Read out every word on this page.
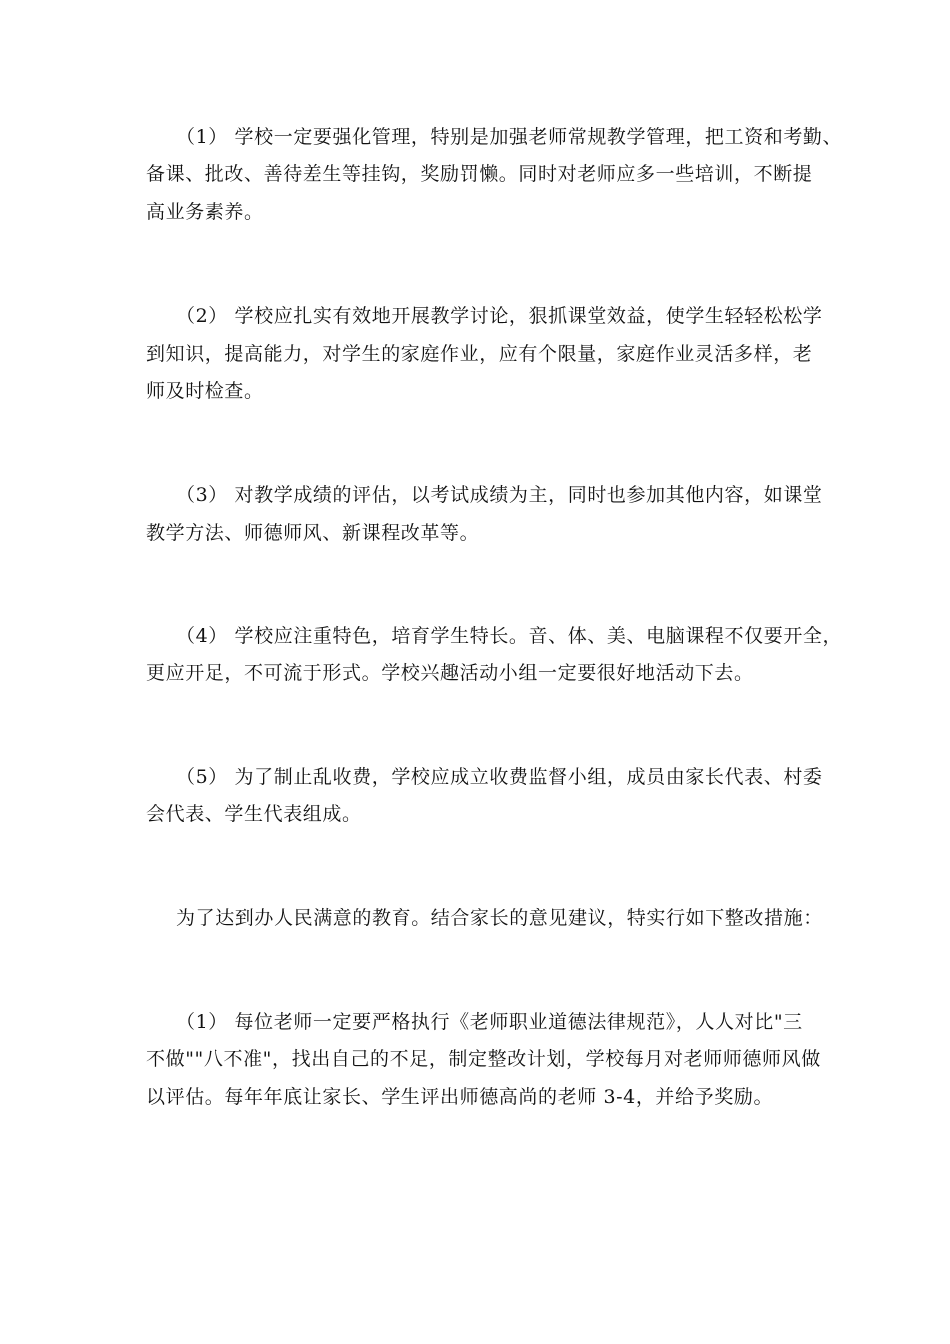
（1） 学校一定要强化管理，特别是加强老师常规教学管理，把工资和考勤、
备课、批改、善待差生等挂钩，奖励罚懒。同时对老师应多一些培训，不断提
高业务素养。
（2） 学校应扎实有效地开展教学讨论，狠抓课堂效益，使学生轻轻松松学
到知识，提高能力，对学生的家庭作业，应有个限量，家庭作业灵活多样，老
师及时检查。
（3） 对教学成绩的评估，以考试成绩为主，同时也参加其他内容，如课堂
教学方法、师德师风、新课程改革等。
（4） 学校应注重特色，培育学生特长。音、体、美、电脑课程不仅要开全，
更应开足，不可流于形式。学校兴趣活动小组一定要很好地活动下去。
（5） 为了制止乱收费，学校应成立收费监督小组，成员由家长代表、村委
会代表、学生代表组成。
为了达到办人民满意的教育。结合家长的意见建议，特实行如下整改措施：
（1） 每位老师一定要严格执行《老师职业道德法律规范》，人人对比"三
不做""八不准"，找出自己的不足，制定整改计划，学校每月对老师师德师风做
以评估。每年年底让家长、学生评出师德高尚的老师 3-4，并给予奖励。
